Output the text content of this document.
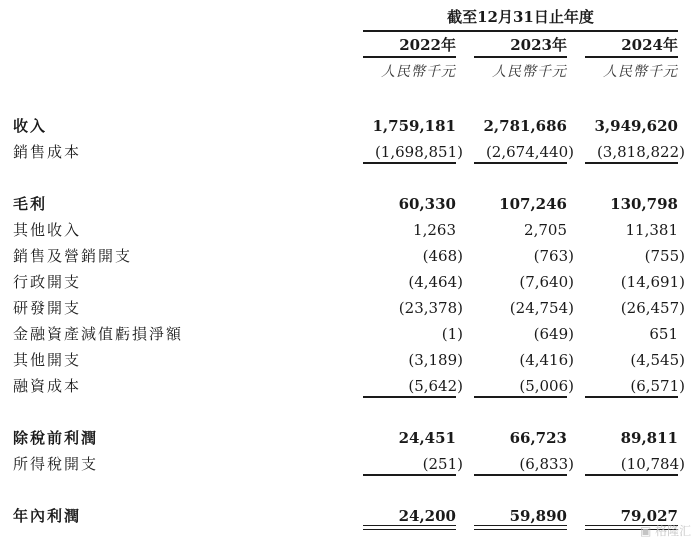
截至12月31日止年度
2022年	2023年	2024年
人民幣千元	人民幣千元	人民幣千元
收入	1,759,181	2,781,686	3,949,620
銷售成本	(1,698,851)	(2,674,440)	(3,818,822)
毛利	60,330	107,246	130,798
其他收入	1,263	2,705	11,381
銷售及營銷開支	(468)	(763)	(755)
行政開支	(4,464)	(7,640)	(14,691)
研發開支	(23,378)	(24,754)	(26,457)
金融資產減值虧損淨額	(1)	(649)	651
其他開支	(3,189)	(4,416)	(4,545)
融資成本	(5,642)	(5,006)	(6,571)
除稅前利潤	24,451	66,723	89,811
所得稅開支	(251)	(6,833)	(10,784)
年內利潤	24,200	59,890	79,027
▣ 格隆汇
